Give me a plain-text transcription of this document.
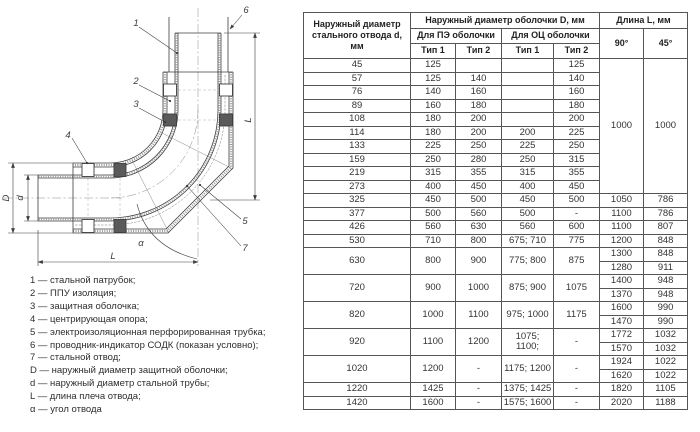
1
2
3
4
5
6
7
α
L
L
D d
1 — стальной патрубок;
2 — ППУ изоляция;
3 — защитная оболочка;
4 — центрирующая опора;
5 — электроизоляционная перфорированная трубка;
6 — проводник-индикатор СОДК (показан условно);
7 — стальной отвод;
D — наружный диаметр защитной оболочки;
d — наружный диаметр стальной трубы;
L — длина плеча отвода;
α — угол отвода
Наружный диаметр стального отвода d, мм	Наружный диаметр оболочки D, мм				Длина L, мм	
	Для ПЭ оболочки		Для ОЦ оболочки		90°	45°
	Тип 1	Тип 2	Тип 1	Тип 2		
45	125			125	1000	1000
57	125	140		140		
76	140	160		160		
89	160	180		180		
108	180	200		200		
114	180	200	200	225		
133	225	250	225	250		
159	250	280	250	315		
219	315	355	315	355		
273	400	450	400	450		
325	450	500	450	500	1050	786
377	500	560	500	-	1100	786
426	560	630	560	600	1100	807
530	710	800	675; 710	775	1200	848
630	800	900	775; 800	875	1300	848
					1280	911
720	900	1000	875; 900	1075	1400	948
					1370	948
820	1000	1100	975; 1000	1175	1600	990
					1470	990
920	1100	1200	1075; 1100;	-	1772	1032
					1570	1032
1020	1200	-	1175; 1200	-	1924	1022
					1620	1022
1220	1425	-	1375; 1425	-	1820	1105
1420	1600	-	1575; 1600	-	2020	1188
